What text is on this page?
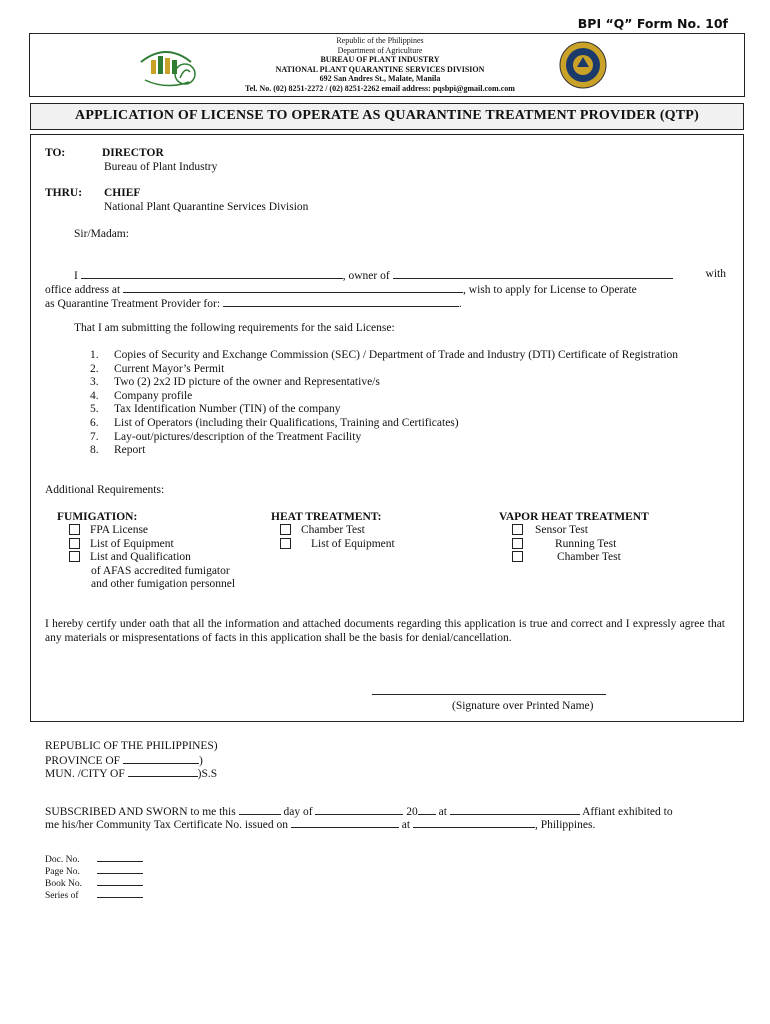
BPI “Q” Form No. 10f
Republic of the Philippines
Department of Agriculture
BUREAU OF PLANT INDUSTRY
NATIONAL PLANT QUARANTINE SERVICES DIVISION
692 San Andres St., Malate, Manila
Tel. No. (02) 8251-2272 / (02) 8251-2262 email address: pqsbpi@gmail.com.com
APPLICATION OF LICENSE TO OPERATE AS QUARANTINE TREATMENT PROVIDER (QTP)
TO:	DIRECTOR
Bureau of Plant Industry
THRU: CHIEF
National Plant Quarantine Services Division
Sir/Madam:
I	, owner of	with
office address at	, wish to apply for License to Operate
as Quarantine Treatment Provider for:	.
That I am submitting the following requirements for the said License:
1. Copies of Security and Exchange Commission (SEC) / Department of Trade and Industry (DTI) Certificate of Registration
2. Current Mayor’s Permit
3. Two (2) 2x2 ID picture of the owner and Representative/s
4. Company profile
5. Tax Identification Number (TIN) of the company
6. List of Operators (including their Qualifications, Training and Certificates)
7. Lay-out/pictures/description of the Treatment Facility
8. Report
Additional Requirements:
FUMIGATION:
FPA License
List of Equipment
List and Qualification
of AFAS accredited fumigator
and other fumigation personnel
HEAT TREATMENT:
Chamber Test
List of Equipment
VAPOR HEAT TREATMENT
Sensor Test
Running Test
Chamber Test
I hereby certify under oath that all the information and attached documents regarding this application is true and correct and I expressly agree that any materials or mispresentations of facts in this application shall be the basis for denial/cancellation.
(Signature over Printed Name)
REPUBLIC OF THE PHILIPPINES)
PROVINCE OF	)
MUN. /CITY OF	)S.S
SUBSCRIBED AND SWORN to me this	day of	20 at	Affiant exhibited to
me his/her Community Tax Certificate No. issued on	at	, Philippines.
Doc. No.
Page No.
Book No.
Series of
